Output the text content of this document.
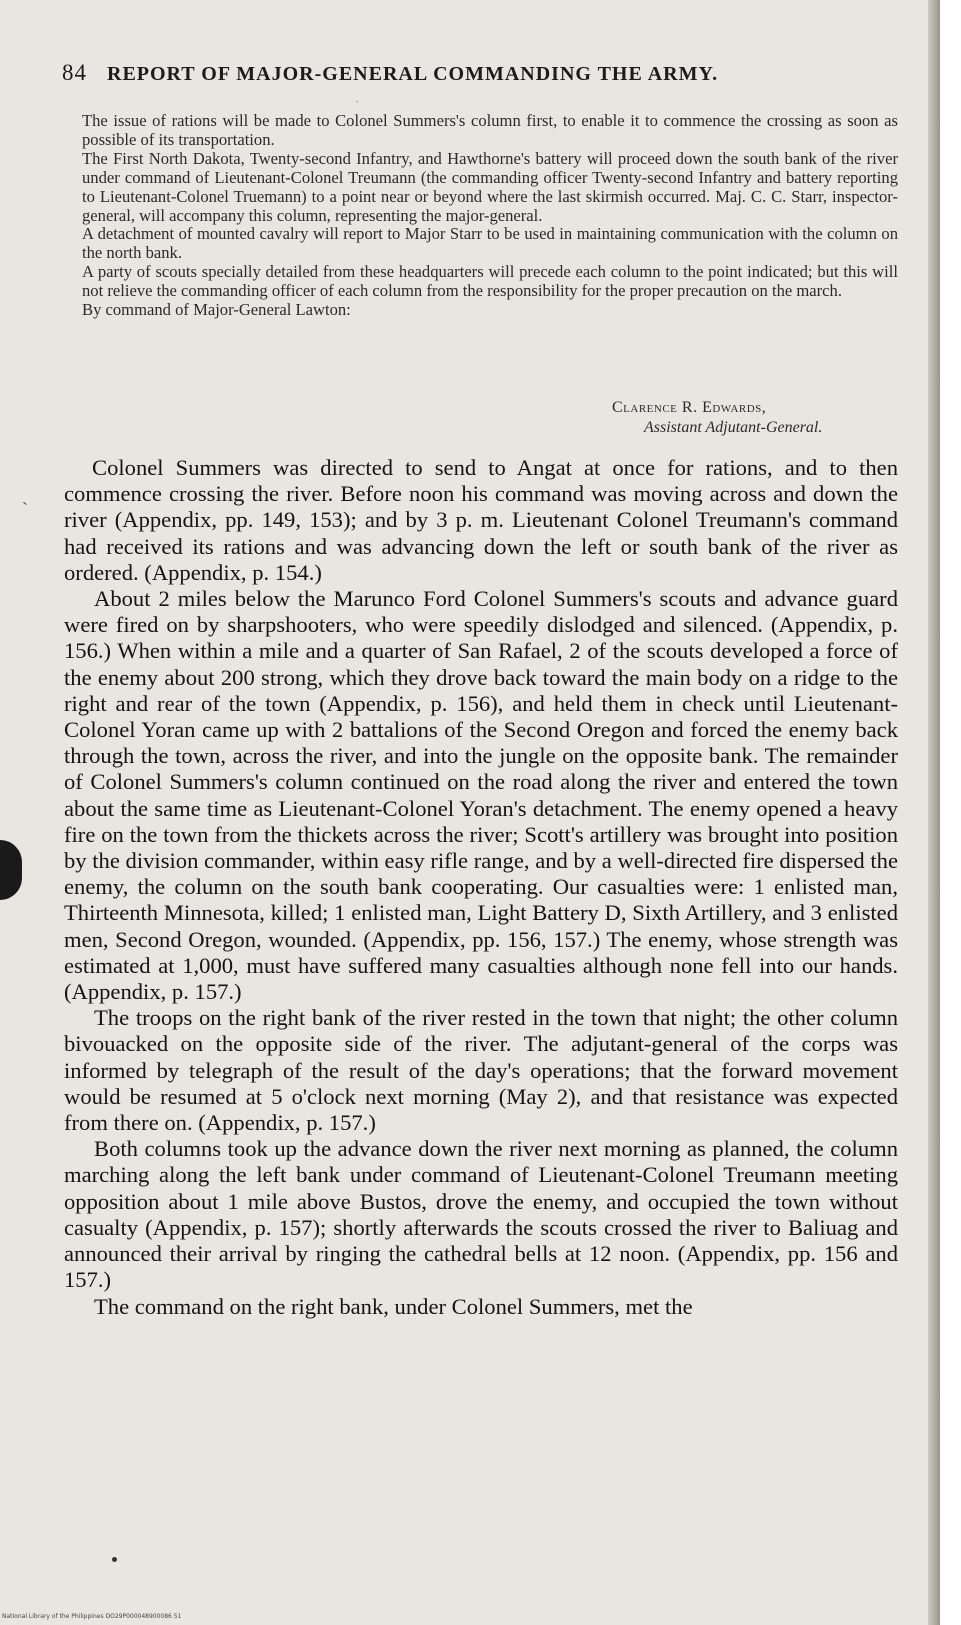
84 REPORT OF MAJOR-GENERAL COMMANDING THE ARMY.
ˈ

The issue of rations will be made to Colonel Summers's column first, to enable it to commence the crossing as soon as possible of its transportation.

The First North Dakota, Twenty-second Infantry, and Hawthorne's battery will proceed down the south bank of the river under command of Lieutenant-Colonel Treumann (the commanding officer Twenty-second Infantry and battery reporting to Lieutenant-Colonel Truemann) to a point near or beyond where the last skirmish occurred. Maj. C. C. Starr, inspector-general, will accompany this column, representing the major-general.

A detachment of mounted cavalry will report to Major Starr to be used in maintaining communication with the column on the north bank.

A party of scouts specially detailed from these headquarters will precede each column to the point indicated; but this will not relieve the commanding officer of each column from the responsibility for the proper precaution on the march.

By command of Major-General Lawton:

Clarence R. Edwards,
Assistant Adjutant-General.
ˋ

Colonel Summers was directed to send to Angat at once for rations, and to then commence crossing the river. Before noon his command was moving across and down the river (Appendix, pp. 149, 153); and by 3 p. m. Lieutenant Colonel Treumann's command had received its rations and was advancing down the left or south bank of the river as ordered. (Appendix, p. 154.)

About 2 miles below the Marunco Ford Colonel Summers's scouts and advance guard were fired on by sharpshooters, who were speedily dislodged and silenced. (Appendix, p. 156.) When within a mile and a quarter of San Rafael, 2 of the scouts developed a force of the enemy about 200 strong, which they drove back toward the main body on a ridge to the right and rear of the town (Appendix, p. 156), and held them in check until Lieutenant-Colonel Yoran came up with 2 battalions of the Second Oregon and forced the enemy back through the town, across the river, and into the jungle on the opposite bank. The remainder of Colonel Summers's column continued on the road along the river and entered the town about the same time as Lieutenant-Colonel Yoran's detachment. The enemy opened a heavy fire on the town from the thickets across the river; Scott's artillery was brought into position by the division commander, within easy rifle range, and by a well-directed fire dispersed the enemy, the column on the south bank cooperating. Our casualties were: 1 enlisted man, Thirteenth Minnesota, killed; 1 enlisted man, Light Battery D, Sixth Artillery, and 3 enlisted men, Second Oregon, wounded. (Appendix, pp. 156, 157.) The enemy, whose strength was estimated at 1,000, must have suffered many casualties although none fell into our hands. (Appendix, p. 157.)

The troops on the right bank of the river rested in the town that night; the other column bivouacked on the opposite side of the river. The adjutant-general of the corps was informed by telegraph of the result of the day's operations; that the forward movement would be resumed at 5 o'clock next morning (May 2), and that resistance was expected from there on. (Appendix, p. 157.)

Both columns took up the advance down the river next morning as planned, the column marching along the left bank under command of Lieutenant-Colonel Treumann meeting opposition about 1 mile above Bustos, drove the enemy, and occupied the town without casualty (Appendix, p. 157); shortly afterwards the scouts crossed the river to Baliuag and announced their arrival by ringing the cathedral bells at 12 noon. (Appendix, pp. 156 and 157.)

The command on the right bank, under Colonel Summers, met the

National Library of the Philippines DO29P000048900086 51
